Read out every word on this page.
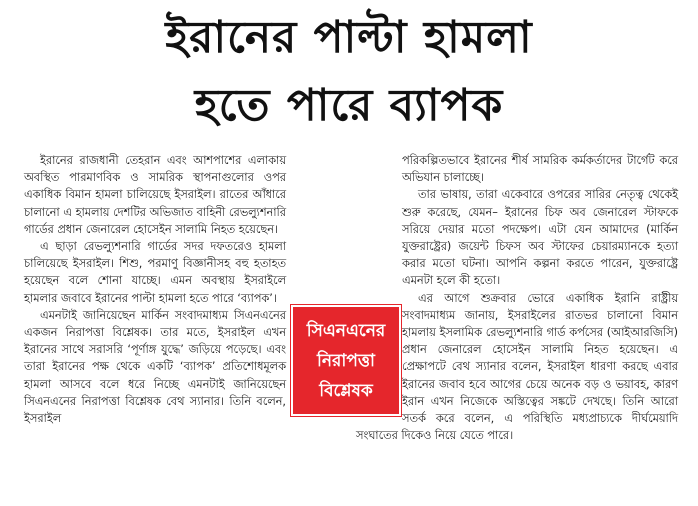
ইরানের পাল্টা হামলা
হতে পারে ব্যাপক

ইরানের রাজধানী তেহরান এবং আশপাশের এলাকায় অবস্থিত পারমাণবিক ও সামরিক স্থাপনাগুলোর ওপর একাধিক বিমান হামলা চালিয়েছে ইসরাইল। রাতের আঁধারে চালানো এ হামলায় দেশটির অভিজাত বাহিনী রেভল্যুশনারি গার্ডের প্রধান জেনারেল হোসেইন সালামি নিহত হয়েছেন।

এ ছাড়া রেভল্যুশনারি গার্ডের সদর দফতরেও হামলা চালিয়েছে ইসরাইল। শিশু, পরমাণু বিজ্ঞানীসহ বহু হতাহত হয়েছেন বলে শোনা যাচ্ছে। এমন অবস্থায় ইসরাইলে হামলার জবাবে ইরানের পাল্টা হামলা হতে পারে ‘ব্যাপক’।

এমনটাই জানিয়েছেন মার্কিন সংবাদমাধ্যম সিএনএনের একজন নিরাপত্তা বিশ্লেষক। তার মতে, ইসরাইল এখন ইরানের সাথে সরাসরি ‘পূর্ণাঙ্গ যুদ্ধে’ জড়িয়ে পড়েছে। এবং তারা ইরানের পক্ষ থেকে একটি ‘ব্যাপক’ প্রতিশোধমূলক হামলা আসবে বলে ধরে নিচ্ছে এমনটাই জানিয়েছেন সিএনএনের নিরাপত্তা বিশ্লেষক বেথ স্যানার। তিনি বলেন, ইসরাইল

পরিকল্পিতভাবে ইরানের শীর্ষ সামরিক কর্মকর্তাদের টার্গেট করে অভিযান চালাচ্ছে।

তার ভাষায়, তারা একেবারে ওপরের সারির নেতৃত্ব থেকেই শুরু করেছে, যেমন– ইরানের চিফ অব জেনারেল স্টাফকে সরিয়ে দেয়ার মতো পদক্ষেপ। এটা যেন আমাদের (মার্কিন যুক্তরাষ্ট্রের) জয়েন্ট চিফস অব স্টাফের চেয়ারম্যানকে হত্যা করার মতো ঘটনা। আপনি কল্পনা করতে পারেন, যুক্তরাষ্ট্রে এমনটা হলে কী হতো।

এর আগে শুক্রবার ভোরে একাধিক ইরানি রাষ্ট্রীয় সংবাদমাধ্যম জানায়, ইসরাইলের রাতভর চালানো বিমান হামলায় ইসলামিক রেভল্যুশনারি গার্ড কর্পসের (আইআরজিসি) প্রধান জেনারেল হোসেইন সালামি নিহত হয়েছেন। এ প্রেক্ষাপটে বেথ স্যানার বলেন, ইসরাইল ধারণা করছে এবার ইরানের জবাব হবে আগের চেয়ে অনেক বড় ও ভয়াবহ, কারণ ইরান এখন নিজেকে অস্তিত্বের সঙ্কটে দেখছে। তিনি আরো সতর্ক করে বলেন, এ পরিস্থিতি মধ্যপ্রাচ্যকে দীর্ঘমেয়াদি সংঘাতের দিকেও নিয়ে যেতে পারে।

সিএনএনের
নিরাপত্তা
বিশ্লেষক
